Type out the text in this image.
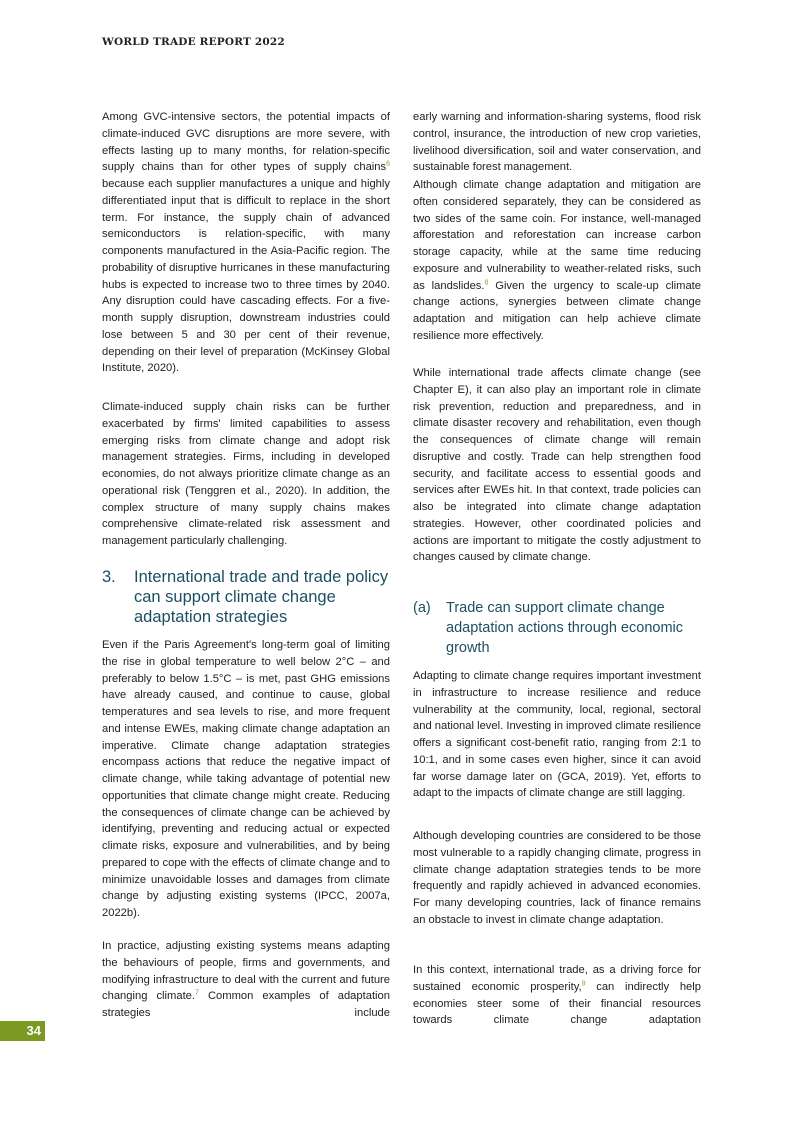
WORLD TRADE REPORT 2022

Among GVC-intensive sectors, the potential impacts of climate-induced GVC disruptions are more severe, with effects lasting up to many months, for relation-specific supply chains than for other types of supply chains$^6$ because each supplier manufactures a unique and highly differentiated input that is difficult to replace in the short term. For instance, the supply chain of advanced semiconductors is relation-specific, with many components manufactured in the Asia-Pacific region. The probability of disruptive hurricanes in these manufacturing hubs is expected to increase two to three times by 2040. Any disruption could have cascading effects. For a five-month supply disruption, downstream industries could lose between 5 and 30 per cent of their revenue, depending on their level of preparation (McKinsey Global Institute, 2020).

Climate-induced supply chain risks can be further exacerbated by firms' limited capabilities to assess emerging risks from climate change and adopt risk management strategies. Firms, including in developed economies, do not always prioritize climate change as an operational risk (Tenggren et al., 2020). In addition, the complex structure of many supply chains makes comprehensive climate-related risk assessment and management particularly challenging.

3. International trade and trade policy can support climate change adaptation strategies

Even if the Paris Agreement's long-term goal of limiting the rise in global temperature to well below 2°C – and preferably to below 1.5°C – is met, past GHG emissions have already caused, and continue to cause, global temperatures and sea levels to rise, and more frequent and intense EWEs, making climate change adaptation an imperative. Climate change adaptation strategies encompass actions that reduce the negative impact of climate change, while taking advantage of potential new opportunities that climate change might create. Reducing the consequences of climate change can be achieved by identifying, preventing and reducing actual or expected climate risks, exposure and vulnerabilities, and by being prepared to cope with the effects of climate change and to minimize unavoidable losses and damages from climate change by adjusting existing systems (IPCC, 2007a, 2022b).

In practice, adjusting existing systems means adapting the behaviours of people, firms and governments, and modifying infrastructure to deal with the current and future changing climate.$^7$ Common examples of adaptation strategies include

early warning and information-sharing systems, flood risk control, insurance, the introduction of new crop varieties, livelihood diversification, soil and water conservation, and sustainable forest management.

Although climate change adaptation and mitigation are often considered separately, they can be considered as two sides of the same coin. For instance, well-managed afforestation and reforestation can increase carbon storage capacity, while at the same time reducing exposure and vulnerability to weather-related risks, such as landslides.$^8$ Given the urgency to scale-up climate change actions, synergies between climate change adaptation and mitigation can help achieve climate resilience more effectively.

While international trade affects climate change (see Chapter E), it can also play an important role in climate risk prevention, reduction and preparedness, and in climate disaster recovery and rehabilitation, even though the consequences of climate change will remain disruptive and costly. Trade can help strengthen food security, and facilitate access to essential goods and services after EWEs hit. In that context, trade policies can also be integrated into climate change adaptation strategies. However, other coordinated policies and actions are important to mitigate the costly adjustment to changes caused by climate change.

(a) Trade can support climate change adaptation actions through economic growth

Adapting to climate change requires important investment in infrastructure to increase resilience and reduce vulnerability at the community, local, regional, sectoral and national level. Investing in improved climate resilience offers a significant cost-benefit ratio, ranging from 2:1 to 10:1, and in some cases even higher, since it can avoid far worse damage later on (GCA, 2019). Yet, efforts to adapt to the impacts of climate change are still lagging.

Although developing countries are considered to be those most vulnerable to a rapidly changing climate, progress in climate change adaptation strategies tends to be more frequently and rapidly achieved in advanced economies. For many developing countries, lack of finance remains an obstacle to invest in climate change adaptation.

In this context, international trade, as a driving force for sustained economic prosperity,$^9$ can indirectly help economies steer some of their financial resources towards climate change adaptation

34
